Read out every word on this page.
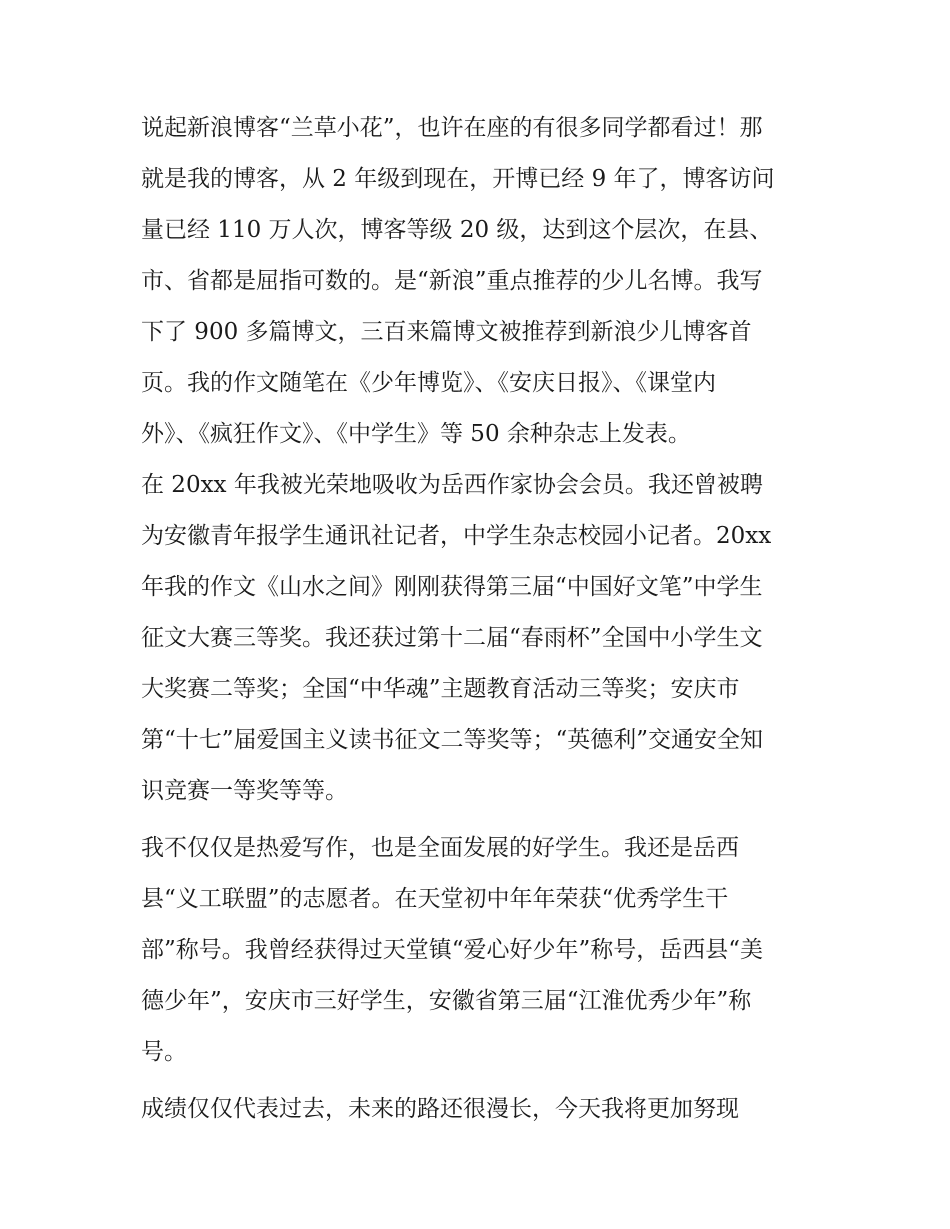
说起新浪博客“兰草小花”，也许在座的有很多同学都看过！那
就是我的博客，从 2 年级到现在，开博已经 9 年了，博客访问
量已经 110 万人次，博客等级 20 级，达到这个层次，在县、
市、省都是屈指可数的。是“新浪”重点推荐的少儿名博。我写
下了 900 多篇博文，三百来篇博文被推荐到新浪少儿博客首
页。我的作文随笔在《少年博览》、《安庆日报》、《课堂内
外》、《疯狂作文》、《中学生》等 50 余种杂志上发表。
在 20xx 年我被光荣地吸收为岳西作家协会会员。我还曾被聘
为安徽青年报学生通讯社记者，中学生杂志校园小记者。20xx
年我的作文《山水之间》刚刚获得第三届“中国好文笔”中学生
征文大赛三等奖。我还获过第十二届“春雨杯”全国中小学生文
大奖赛二等奖；全国“中华魂”主题教育活动三等奖；安庆市
第“十七”届爱国主义读书征文二等奖等；“英德利”交通安全知
识竞赛一等奖等等。
我不仅仅是热爱写作，也是全面发展的好学生。我还是岳西
县“义工联盟”的志愿者。在天堂初中年年荣获“优秀学生干
部”称号。我曾经获得过天堂镇“爱心好少年”称号，岳西县“美
德少年”，安庆市三好学生，安徽省第三届“江淮优秀少年”称
号。
成绩仅仅代表过去，未来的路还很漫长，今天我将更加努现
